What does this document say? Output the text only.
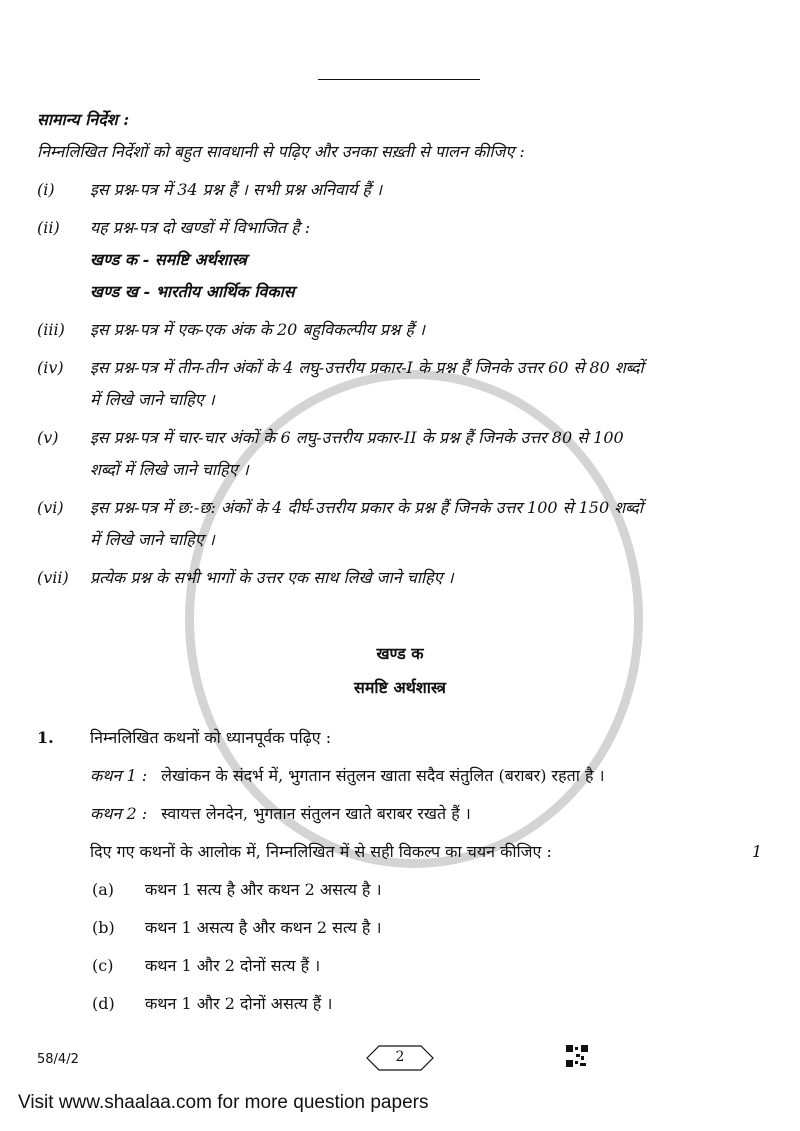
सामान्य निर्देश :
निम्नलिखित निर्देशों को बहुत सावधानी से पढ़िए और उनका सख़्ती से पालन कीजिए :
(i)	इस प्रश्न-पत्र में 34 प्रश्न हैं । सभी प्रश्न अनिवार्य हैं ।
(ii)	यह प्रश्न-पत्र दो खण्डों में विभाजित है :
खण्ड क - समष्टि अर्थशास्त्र
खण्ड ख - भारतीय आर्थिक विकास
(iii)	इस प्रश्न-पत्र में एक-एक अंक के 20 बहुविकल्पीय प्रश्न हैं ।
(iv)	इस प्रश्न-पत्र में तीन-तीन अंकों के 4 लघु-उत्तरीय प्रकार-I के प्रश्न हैं जिनके उत्तर 60 से 80 शब्दों
में लिखे जाने चाहिए ।
(v)	इस प्रश्न-पत्र में चार-चार अंकों के 6 लघु-उत्तरीय प्रकार-II के प्रश्न हैं जिनके उत्तर 80 से 100
शब्दों में लिखे जाने चाहिए ।
(vi)	इस प्रश्न-पत्र में छ:-छ: अंकों के 4 दीर्घ-उत्तरीय प्रकार के प्रश्न हैं जिनके उत्तर 100 से 150 शब्दों
में लिखे जाने चाहिए ।
(vii)	प्रत्येक प्रश्न के सभी भागों के उत्तर एक साथ लिखे जाने चाहिए ।
खण्ड क
समष्टि अर्थशास्त्र
1.	निम्नलिखित कथनों को ध्यानपूर्वक पढ़िए :
कथन 1 : लेखांकन के संदर्भ में, भुगतान संतुलन खाता सदैव संतुलित (बराबर) रहता है ।
कथन 2 : स्वायत्त लेनदेन, भुगतान संतुलन खाते बराबर रखते हैं ।
दिए गए कथनों के आलोक में, निम्नलिखित में से सही विकल्प का चयन कीजिए :	1
(a) कथन 1 सत्य है और कथन 2 असत्य है ।
(b) कथन 1 असत्य है और कथन 2 सत्य है ।
(c) कथन 1 और 2 दोनों सत्य हैं ।
(d) कथन 1 और 2 दोनों असत्य हैं ।
58/4/2	2
Visit www.shaalaa.com for more question papers
